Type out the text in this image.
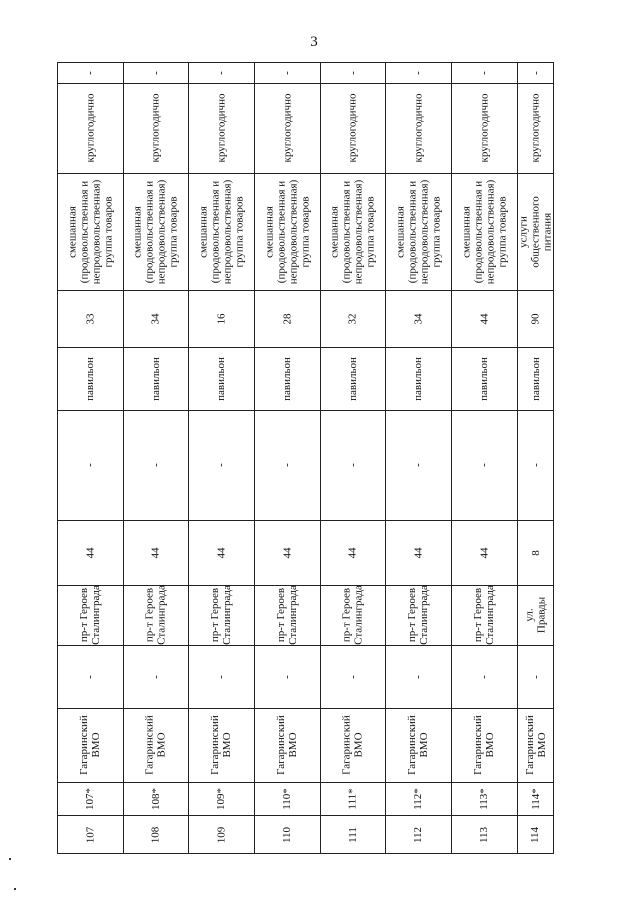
3
-
круглогодично
смешанная (продовольственная и непродовольственная) группа товаров
33
павильон
-
44
пр-т Героев Сталинграда
-
Гагаринский ВМО
107*
107
-
круглогодично
смешанная (продовольственная и непродовольственная) группа товаров
34
павильон
-
44
пр-т Героев Сталинграда
-
Гагаринский ВМО
108*
108
-
круглогодично
смешанная (продовольственная и непродовольственная) группа товаров
16
павильон
-
44
пр-т Героев Сталинграда
-
Гагаринский ВМО
109*
109
-
круглогодично
смешанная (продовольственная и непродовольственная) группа товаров
28
павильон
-
44
пр-т Героев Сталинграда
-
Гагаринский ВМО
110*
110
-
круглогодично
смешанная (продовольственная и непродовольственная) группа товаров
32
павильон
-
44
пр-т Героев Сталинграда
-
Гагаринский ВМО
111*
111
-
круглогодично
смешанная (продовольственная и непродовольственная) группа товаров
34
павильон
-
44
пр-т Героев Сталинграда
-
Гагаринский ВМО
112*
112
-
круглогодично
смешанная (продовольственная и непродовольственная) группа товаров
44
павильон
-
44
пр-т Героев Сталинграда
-
Гагаринский ВМО
113*
113
-
круглогодично
услуги общественного питания
90
павильон
-
8
ул. Правды
-
Гагаринский ВМО
114*
114
